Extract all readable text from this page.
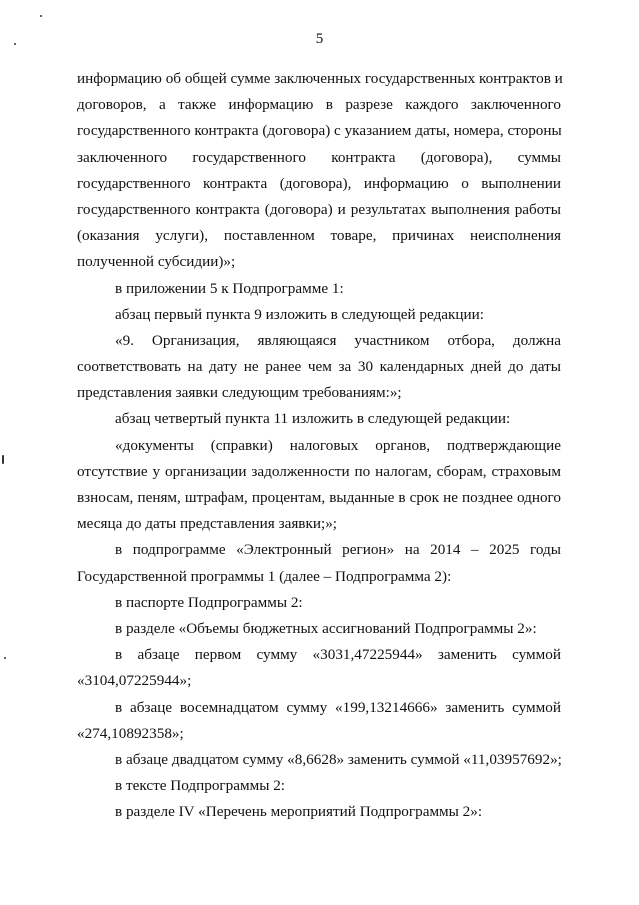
5
информацию об общей сумме заключенных государственных контрактов и
договоров, а также информацию в разрезе каждого заключенного
государственного контракта (договора) с указанием даты, номера, стороны
заключенного государственного контракта (договора), суммы
государственного контракта (договора), информацию о выполнении
государственного контракта (договора) и результатах выполнения работы
(оказания услуги), поставленном товаре, причинах неисполнения
полученной субсидии)»;
в приложении 5 к Подпрограмме 1:
абзац первый пункта 9 изложить в следующей редакции:
«9. Организация, являющаяся участником отбора, должна
соответствовать на дату не ранее чем за 30 календарных дней до даты
представления заявки следующим требованиям:»;
абзац четвертый пункта 11 изложить в следующей редакции:
«документы (справки) налоговых органов, подтверждающие
отсутствие у организации задолженности по налогам, сборам, страховым
взносам, пеням, штрафам, процентам, выданные в срок не позднее одного
месяца до даты представления заявки;»;
в подпрограмме «Электронный регион» на 2014 – 2025 годы
Государственной программы 1 (далее – Подпрограмма 2):
в паспорте Подпрограммы 2:
в разделе «Объемы бюджетных ассигнований Подпрограммы 2»:
в абзаце первом сумму «3031,47225944» заменить суммой
«3104,07225944»;
в абзаце восемнадцатом сумму «199,13214666» заменить суммой
«274,10892358»;
в абзаце двадцатом сумму «8,6628» заменить суммой «11,03957692»;
в тексте Подпрограммы 2:
в разделе IV «Перечень мероприятий Подпрограммы 2»:
